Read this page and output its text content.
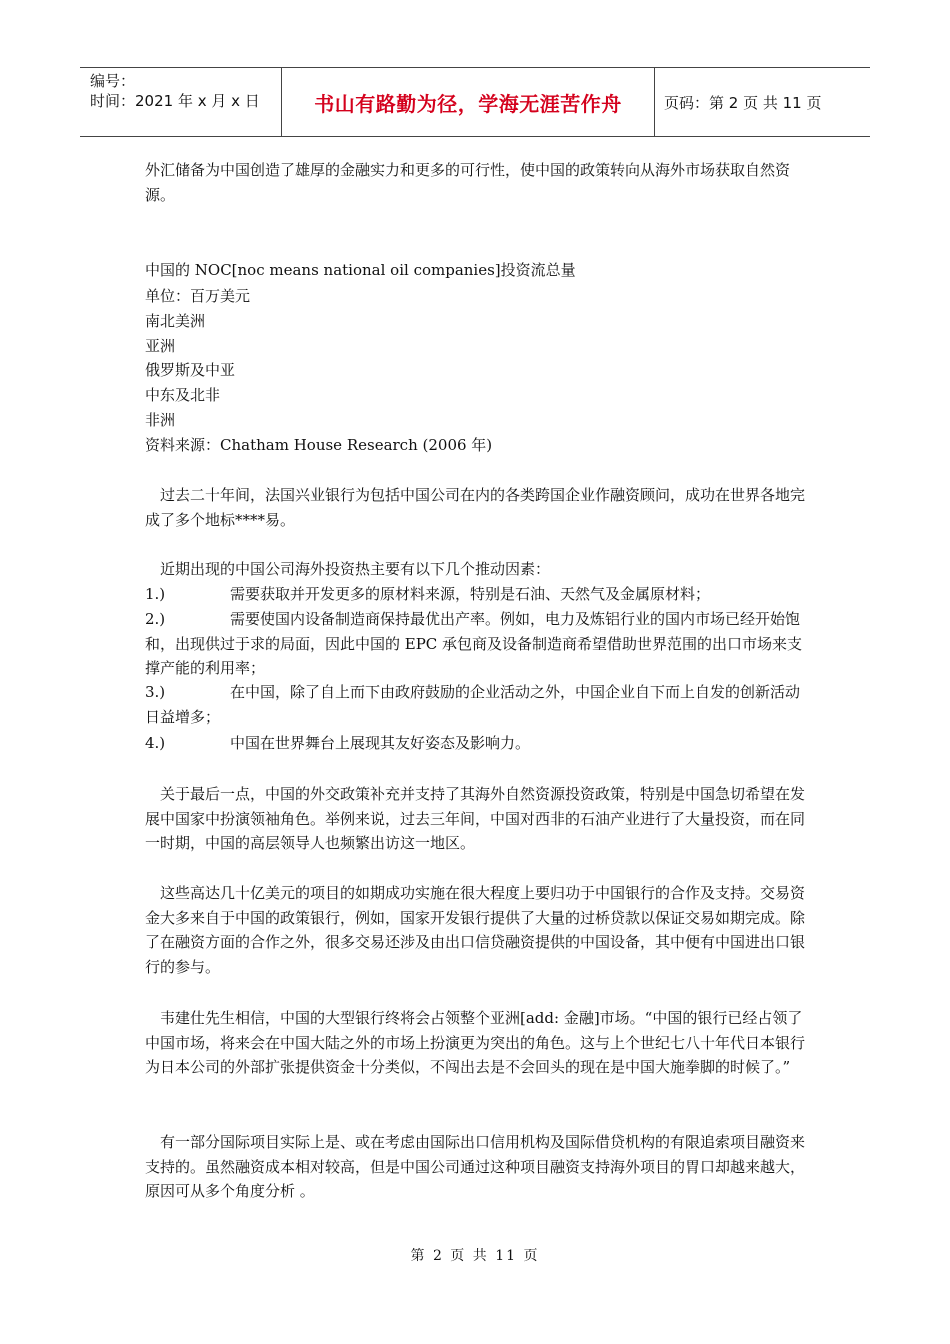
编号：
时间：2021 年 x 月 x 日	书山有路勤为径，学海无涯苦作舟	页码：第 2 页 共 11 页

外汇储备为中国创造了雄厚的金融实力和更多的可行性，使中国的政策转向从海外市场获取自然资源。

中国的 NOC[noc means national oil companies]投资流总量
单位：百万美元
南北美洲
亚洲
俄罗斯及中亚
中东及北非
非洲
资料来源：Chatham House Research (2006 年)

过去二十年间，法国兴业银行为包括中国公司在内的各类跨国企业作融资顾问，成功在世界各地完成了多个地标****易。

近期出现的中国公司海外投资热主要有以下几个推动因素：

1.)	需要获取并开发更多的原材料来源，特别是石油、天然气及金属原材料；
2.)	需要使国内设备制造商保持最优出产率。例如，电力及炼铝行业的国内市场已经开始饱和，出现供过于求的局面，因此中国的 EPC 承包商及设备制造商希望借助世界范围的出口市场来支撑产能的利用率；
3.)	在中国，除了自上而下由政府鼓励的企业活动之外，中国企业自下而上自发的创新活动日益增多；
4.)	中国在世界舞台上展现其友好姿态及影响力。

关于最后一点，中国的外交政策补充并支持了其海外自然资源投资政策，特别是中国急切希望在发展中国家中扮演领袖角色。举例来说，过去三年间，中国对西非的石油产业进行了大量投资，而在同一时期，中国的高层领导人也频繁出访这一地区。

这些高达几十亿美元的项目的如期成功实施在很大程度上要归功于中国银行的合作及支持。交易资金大多来自于中国的政策银行，例如，国家开发银行提供了大量的过桥贷款以保证交易如期完成。除了在融资方面的合作之外，很多交易还涉及由出口信贷融资提供的中国设备，其中便有中国进出口银行的参与。

韦建仕先生相信，中国的大型银行终将会占领整个亚洲[add: 金融]市场。“中国的银行已经占领了中国市场，将来会在中国大陆之外的市场上扮演更为突出的角色。这与上个世纪七八十年代日本银行为日本公司的外部扩张提供资金十分类似，不闯出去是不会回头的现在是中国大施拳脚的时候了。”

有一部分国际项目实际上是、或在考虑由国际出口信用机构及国际借贷机构的有限追索项目融资来支持的。虽然融资成本相对较高，但是中国公司通过这种项目融资支持海外项目的胃口却越来越大，原因可从多个角度分析 。

第 2 页 共 11 页
